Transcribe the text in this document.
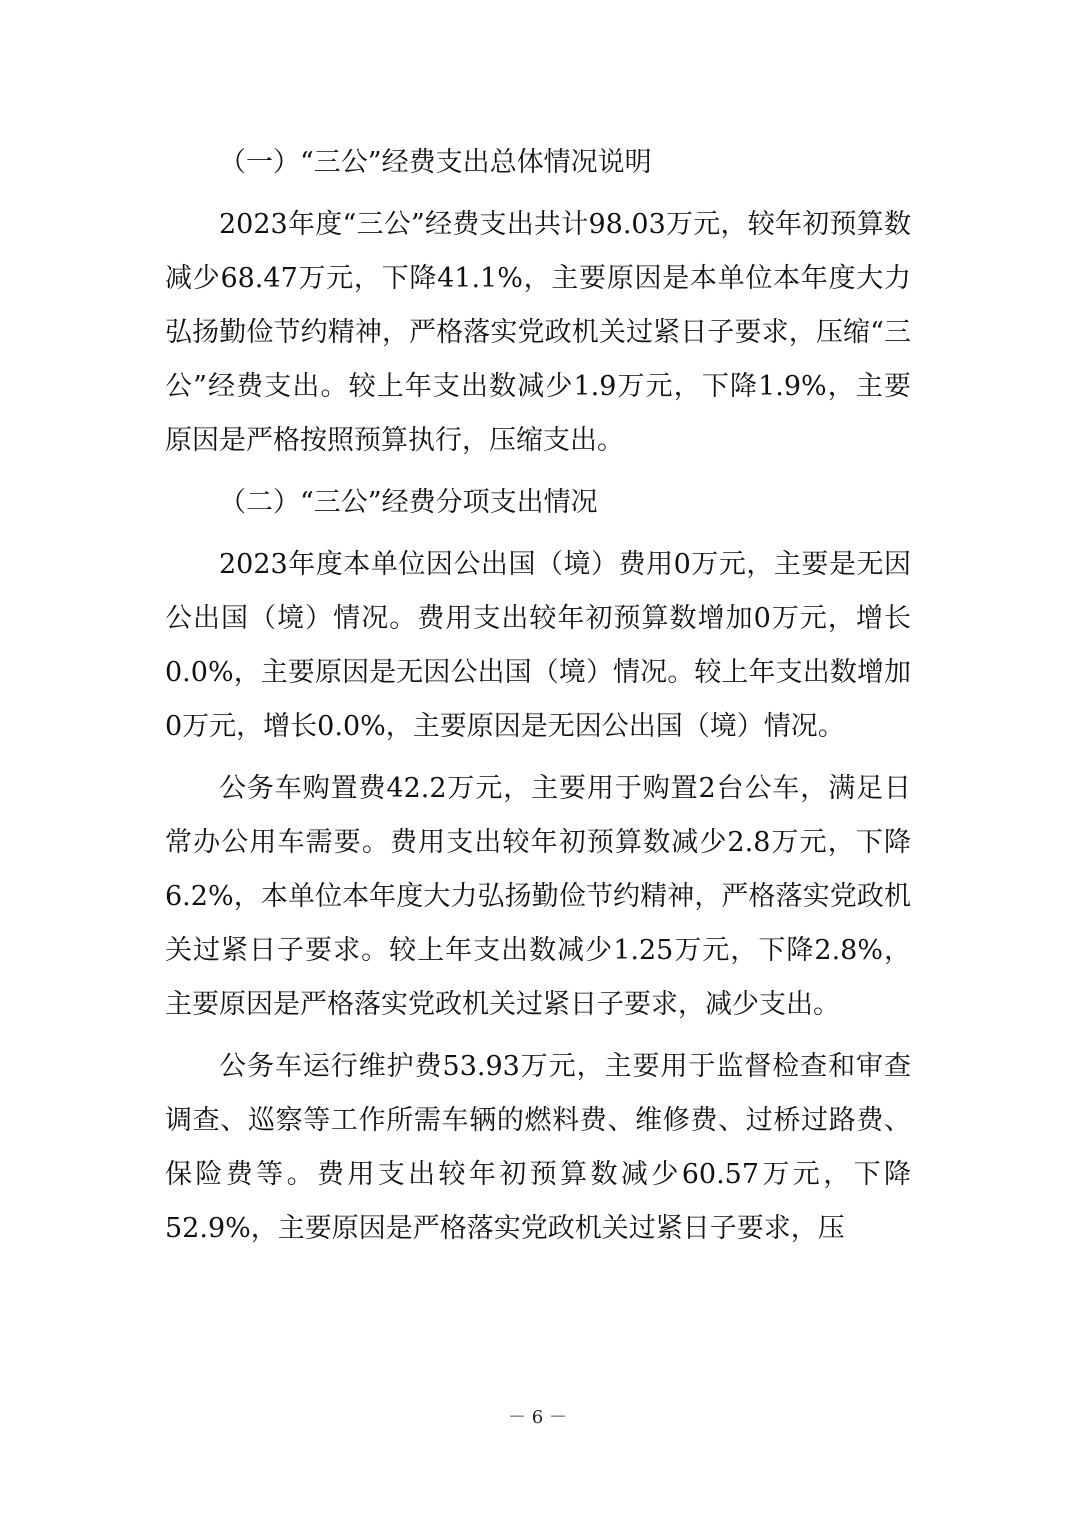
（一）“三公”经费支出总体情况说明

2023年度“三公”经费支出共计98.03万元，较年初预算数减少68.47万元，下降41.1%，主要原因是本单位本年度大力弘扬勤俭节约精神，严格落实党政机关过紧日子要求，压缩“三公”经费支出。较上年支出数减少1.9万元，下降1.9%，主要原因是严格按照预算执行，压缩支出。

（二）“三公”经费分项支出情况

2023年度本单位因公出国（境）费用0万元，主要是无因公出国（境）情况。费用支出较年初预算数增加0万元，增长0.0%，主要原因是无因公出国（境）情况。较上年支出数增加0万元，增长0.0%，主要原因是无因公出国（境）情况。

公务车购置费42.2万元，主要用于购置2台公车，满足日常办公用车需要。费用支出较年初预算数减少2.8万元，下降6.2%，本单位本年度大力弘扬勤俭节约精神，严格落实党政机关过紧日子要求。较上年支出数减少1.25万元，下降2.8%，主要原因是严格落实党政机关过紧日子要求，减少支出。

公务车运行维护费53.93万元，主要用于监督检查和审查调查、巡察等工作所需车辆的燃料费、维修费、过桥过路费、保险费等。费用支出较年初预算数减少60.57万元，下降52.9%，主要原因是严格落实党政机关过紧日子要求，压

－ 6 －
